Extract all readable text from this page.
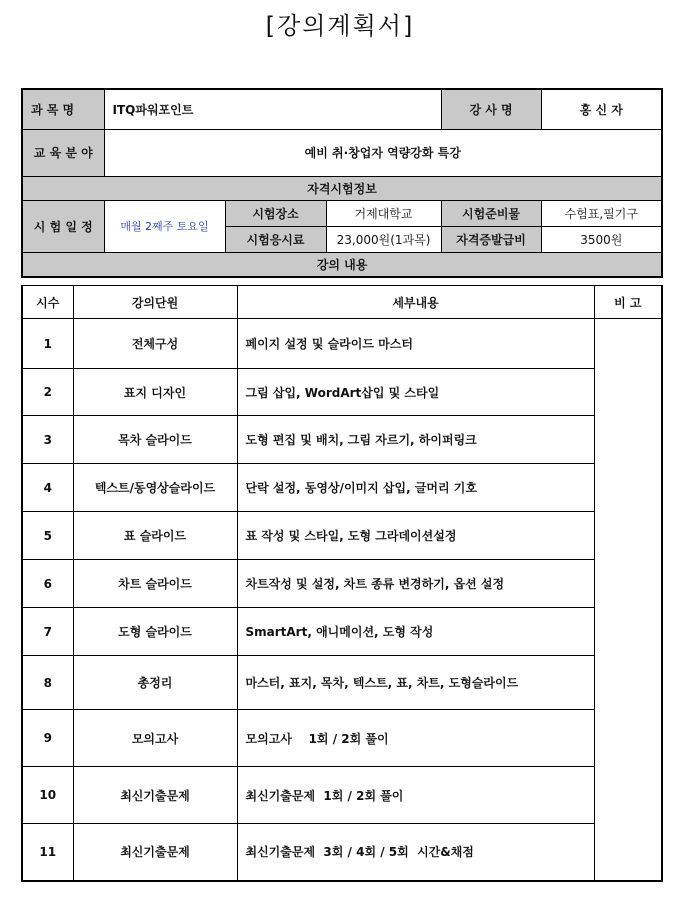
[강의계획서]
과 목 명	ITQ파워포인트			강 사 명	홍 신 자
교 육 분 야	예비 취·창업자 역량강화 특강				
자격시험정보					
시 험 일 정	매월 2째주 토요일	시험장소	거제대학교	시험준비물	수험표,필기구
		시험응시료	23,000원(1과목)	자격증발급비	3500원
강의 내용					
시수	강의단원	세부내용	비 고
1	전체구성	페이지 설정 및 슬라이드 마스터	
2	표지 디자인	그림 삽입, WordArt삽입 및 스타일	
3	목차 슬라이드	도형 편집 및 배치, 그림 자르기, 하이퍼링크	
4	텍스트/동영상슬라이드	단락 설정, 동영상/이미지 삽입, 글머리 기호	
5	표 슬라이드	표 작성 및 스타일, 도형 그라데이션설정	
6	차트 슬라이드	차트작성 및 설정, 차트 종류 변경하기, 옵션 설정	
7	도형 슬라이드	SmartArt, 애니메이션, 도형 작성	
8	총정리	마스터, 표지, 목차, 텍스트, 표, 차트, 도형슬라이드	
9	모의고사	모의고사    1회 / 2회 풀이	
10	최신기출문제	최신기출문제  1회 / 2회 풀이	
11	최신기출문제	최신기출문제  3회 / 4회 / 5회  시간&채점	
